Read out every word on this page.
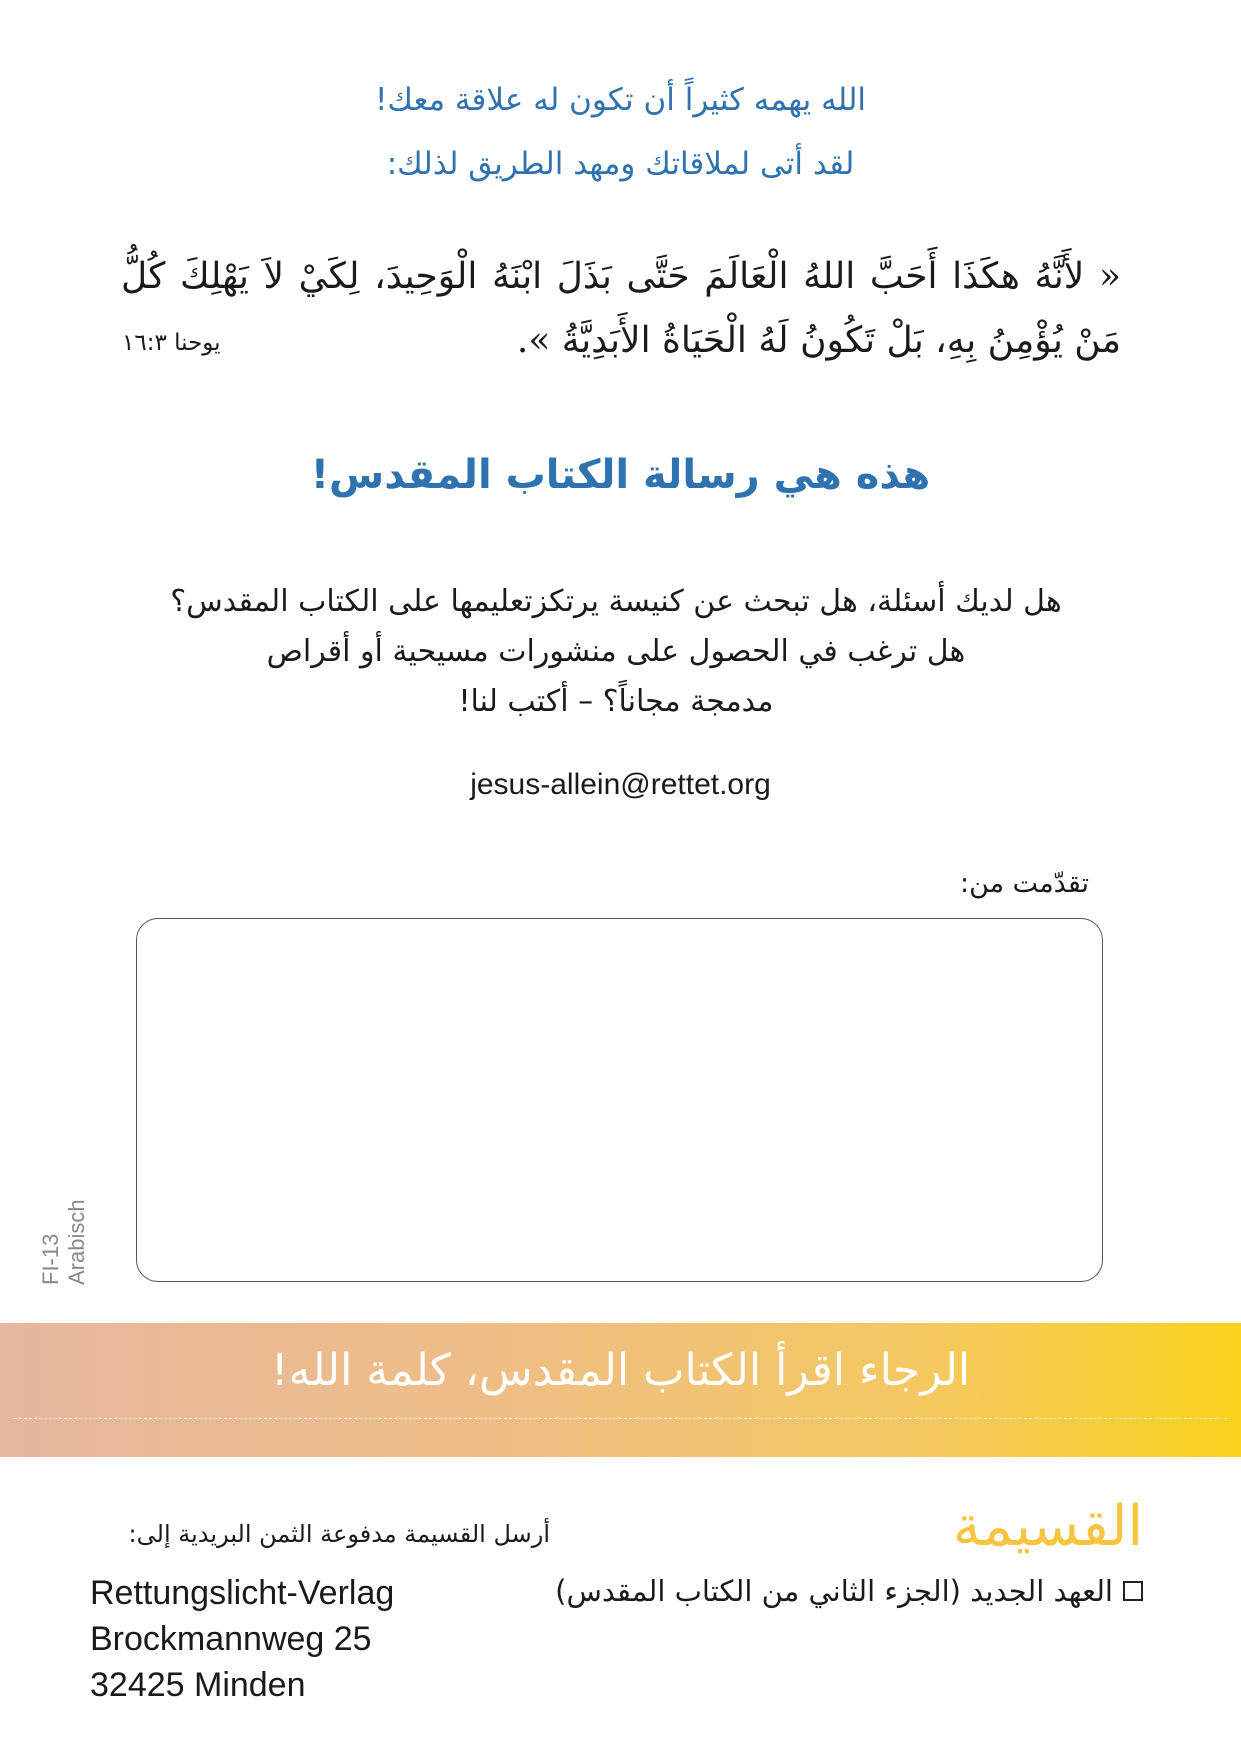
الله يهمه كثيراً أن تكون له علاقة معك!
لقد أتى لملاقاتك ومهد الطريق لذلك:
« لأَنَّهُ هكَذَا أَحَبَّ اللهُ الْعَالَمَ حَتَّى بَذَلَ ابْنَهُ الْوَحِيدَ، لِكَيْ لاَ يَهْلِكَ كُلُّ مَنْ يُؤْمِنُ بِهِ، بَلْ تَكُونُ لَهُ الْحَيَاةُ الأَبَدِيَّةُ ».
يوحنا ١٦:٣
هذه هي رسالة الكتاب المقدس!
هل لديك أسئلة، هل تبحث عن كنيسة يرتكزتعليمها على الكتاب المقدس؟
هل ترغب في الحصول على منشورات مسيحية أو أقراص
مدمجة مجاناً؟ – أكتب لنا!
jesus-allein@rettet.org
تقدّمت من:
FI-13 Arabisch
الرجاء اقرأ الكتاب المقدس، كلمة الله!
القسيمة
أرسل القسيمة مدفوعة الثمن البريدية إلى:
Rettungslicht-Verlag
Brockmannweg 25
32425 Minden
العهد الجديد (الجزء الثاني من الكتاب المقدس)
